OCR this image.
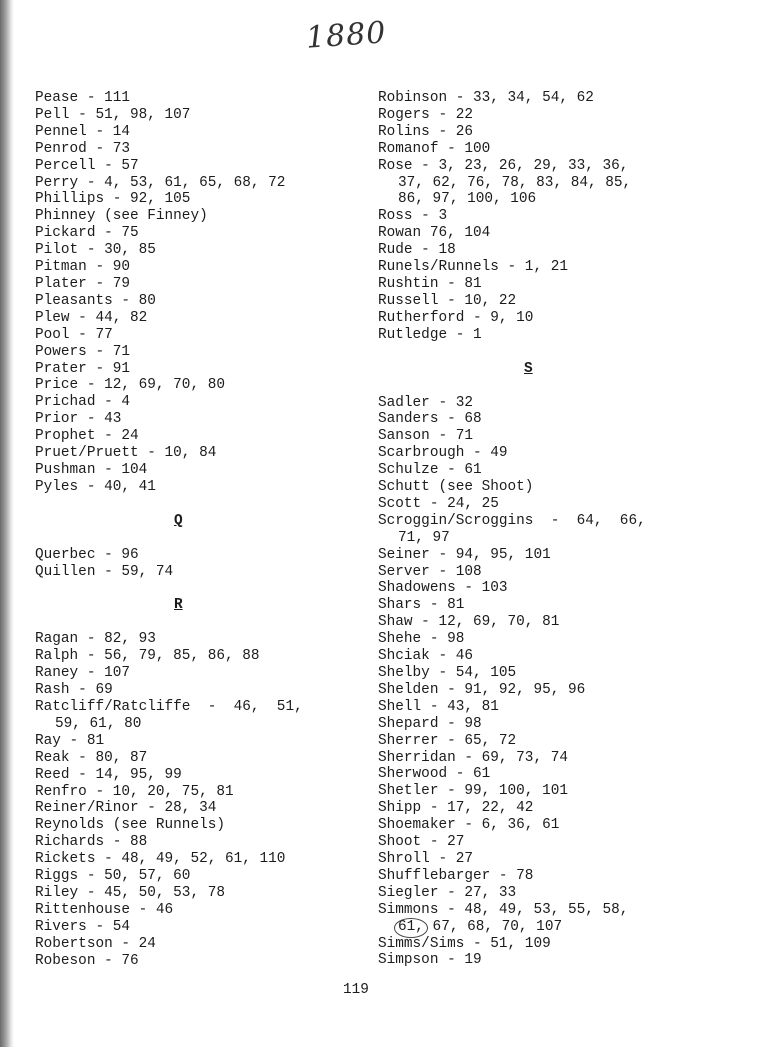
1880

Pease - 111

Pell - 51, 98, 107

Pennel - 14

Penrod - 73

Percell - 57

Perry - 4, 53, 61, 65, 68, 72

Phillips - 92, 105

Phinney (see Finney)

Pickard - 75

Pilot - 30, 85

Pitman - 90

Plater - 79

Pleasants - 80

Plew - 44, 82

Pool - 77

Powers - 71

Prater - 91

Price - 12, 69, 70, 80

Prichad - 4

Prior - 43

Prophet - 24

Pruet/Pruett - 10, 84

Pushman - 104

Pyles - 40, 41

Q

Querbec - 96

Quillen - 59, 74

R

Ragan - 82, 93

Ralph - 56, 79, 85, 86, 88

Raney - 107

Rash - 69

Ratcliff/Ratcliffe  -  46,  51,

59, 61, 80

Ray - 81

Reak - 80, 87

Reed - 14, 95, 99

Renfro - 10, 20, 75, 81

Reiner/Rinor - 28, 34

Reynolds (see Runnels)

Richards - 88

Rickets - 48, 49, 52, 61, 110

Riggs - 50, 57, 60

Riley - 45, 50, 53, 78

Rittenhouse - 46

Rivers - 54

Robertson - 24

Robeson - 76

Robinson - 33, 34, 54, 62

Rogers - 22

Rolins - 26

Romanof - 100

Rose - 3, 23, 26, 29, 33, 36,

37, 62, 76, 78, 83, 84, 85,

86, 97, 100, 106

Ross - 3

Rowan 76, 104

Rude - 18

Runels/Runnels - 1, 21

Rushtin - 81

Russell - 10, 22

Rutherford - 9, 10

Rutledge - 1

S

Sadler - 32

Sanders - 68

Sanson - 71

Scarbrough - 49

Schulze - 61

Schutt (see Shoot)

Scott - 24, 25

Scroggin/Scroggins  -  64,  66,

71, 97

Seiner - 94, 95, 101

Server - 108

Shadowens - 103

Shars - 81

Shaw - 12, 69, 70, 81

Shehe - 98

Shciak - 46

Shelby - 54, 105

Shelden - 91, 92, 95, 96

Shell - 43, 81

Shepard - 98

Sherrer - 65, 72

Sherridan - 69, 73, 74

Sherwood - 61

Shetler - 99, 100, 101

Shipp - 17, 22, 42

Shoemaker - 6, 36, 61

Shoot - 27

Shroll - 27

Shufflebarger - 78

Siegler - 27, 33

Simmons - 48, 49, 53, 55, 58,

61, 67, 68, 70, 107

Simms/Sims - 51, 109

Simpson - 19

119
